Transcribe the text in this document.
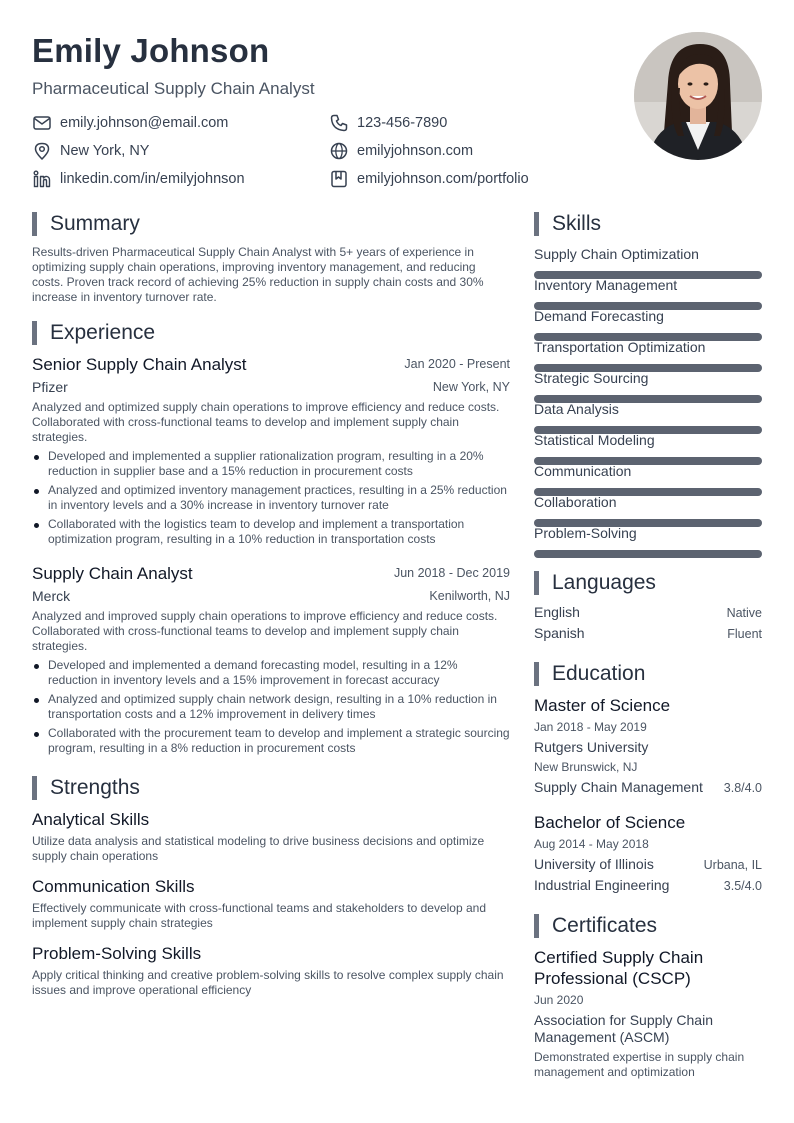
Emily Johnson
Pharmaceutical Supply Chain Analyst
emily.johnson@email.com	123-456-7890
New York, NY	emilyjohnson.com
linkedin.com/in/emilyjohnson	emilyjohnson.com/portfolio
Summary
Results-driven Pharmaceutical Supply Chain Analyst with 5+ years of experience in optimizing supply chain operations, improving inventory management, and reducing costs. Proven track record of achieving 25% reduction in supply chain costs and 30% increase in inventory turnover rate.
Experience
Senior Supply Chain Analyst	Jan 2020 - Present
Pfizer	New York, NY
Analyzed and optimized supply chain operations to improve efficiency and reduce costs. Collaborated with cross-functional teams to develop and implement supply chain strategies.
Developed and implemented a supplier rationalization program, resulting in a 20% reduction in supplier base and a 15% reduction in procurement costs
Analyzed and optimized inventory management practices, resulting in a 25% reduction in inventory levels and a 30% increase in inventory turnover rate
Collaborated with the logistics team to develop and implement a transportation optimization program, resulting in a 10% reduction in transportation costs
Supply Chain Analyst	Jun 2018 - Dec 2019
Merck	Kenilworth, NJ
Analyzed and improved supply chain operations to improve efficiency and reduce costs. Collaborated with cross-functional teams to develop and implement supply chain strategies.
Developed and implemented a demand forecasting model, resulting in a 12% reduction in inventory levels and a 15% improvement in forecast accuracy
Analyzed and optimized supply chain network design, resulting in a 10% reduction in transportation costs and a 12% improvement in delivery times
Collaborated with the procurement team to develop and implement a strategic sourcing program, resulting in a 8% reduction in procurement costs
Strengths
Analytical Skills
Utilize data analysis and statistical modeling to drive business decisions and optimize supply chain operations
Communication Skills
Effectively communicate with cross-functional teams and stakeholders to develop and implement supply chain strategies
Problem-Solving Skills
Apply critical thinking and creative problem-solving skills to resolve complex supply chain issues and improve operational efficiency
Skills
Supply Chain Optimization
Inventory Management
Demand Forecasting
Transportation Optimization
Strategic Sourcing
Data Analysis
Statistical Modeling
Communication
Collaboration
Problem-Solving
Languages
English	Native
Spanish	Fluent
Education
Master of Science
Jan 2018 - May 2019
Rutgers University
New Brunswick, NJ
Supply Chain Management 3.8/4.0
Bachelor of Science
Aug 2014 - May 2018
University of Illinois	Urbana, IL
Industrial Engineering	3.5/4.0
Certificates
Certified Supply Chain Professional (CSCP)
Jun 2020
Association for Supply Chain Management (ASCM)
Demonstrated expertise in supply chain management and optimization
